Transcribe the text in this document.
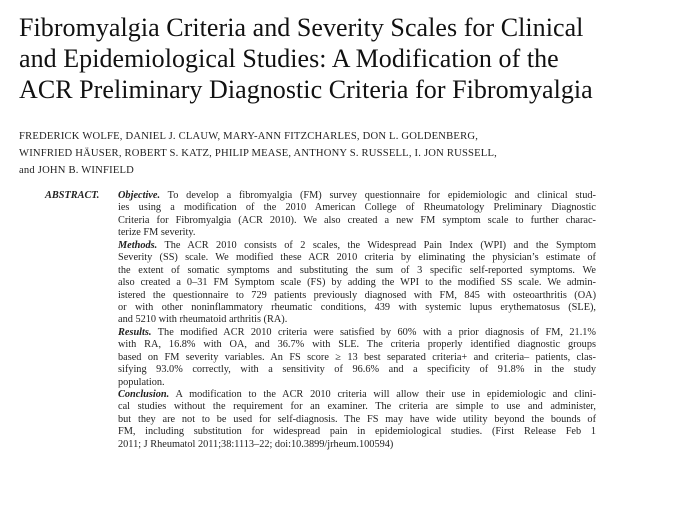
Fibromyalgia Criteria and Severity Scales for Clinical
and Epidemiological Studies: A Modification of the
ACR Preliminary Diagnostic Criteria for Fibromyalgia
FREDERICK WOLFE, DANIEL J. CLAUW, MARY-ANN FITZCHARLES, DON L. GOLDENBERG,
WINFRIED HÄUSER, ROBERT S. KATZ, PHILIP MEASE, ANTHONY S. RUSSELL, I. JON RUSSELL,
and JOHN B. WINFIELD
ABSTRACT. Objective. To develop a fibromyalgia (FM) survey questionnaire for epidemiologic and clinical stud-
ies using a modification of the 2010 American College of Rheumatology Preliminary Diagnostic
Criteria for Fibromyalgia (ACR 2010). We also created a new FM symptom scale to further charac-
terize FM severity.
Methods. The ACR 2010 consists of 2 scales, the Widespread Pain Index (WPI) and the Symptom
Severity (SS) scale. We modified these ACR 2010 criteria by eliminating the physician’s estimate of
the extent of somatic symptoms and substituting the sum of 3 specific self-reported symptoms. We
also created a 0–31 FM Symptom scale (FS) by adding the WPI to the modified SS scale. We admin-
istered the questionnaire to 729 patients previously diagnosed with FM, 845 with osteoarthritis (OA)
or with other noninflammatory rheumatic conditions, 439 with systemic lupus erythematosus (SLE),
and 5210 with rheumatoid arthritis (RA).
Results. The modified ACR 2010 criteria were satisfied by 60% with a prior diagnosis of FM, 21.1%
with RA, 16.8% with OA, and 36.7% with SLE. The criteria properly identified diagnostic groups
based on FM severity variables. An FS score ≥ 13 best separated criteria+ and criteria– patients, clas-
sifying 93.0% correctly, with a sensitivity of 96.6% and a specificity of 91.8% in the study
population.
Conclusion. A modification to the ACR 2010 criteria will allow their use in epidemiologic and clini-
cal studies without the requirement for an examiner. The criteria are simple to use and administer,
but they are not to be used for self-diagnosis. The FS may have wide utility beyond the bounds of
FM, including substitution for widespread pain in epidemiological studies. (First Release Feb 1
2011; J Rheumatol 2011;38:1113–22; doi:10.3899/jrheum.100594)
